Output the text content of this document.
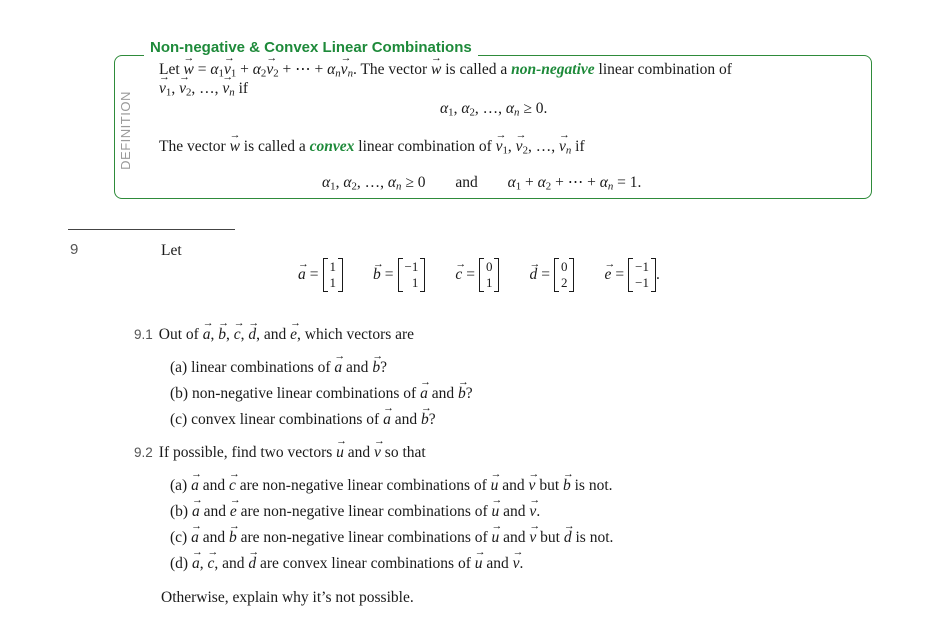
Non-negative & Convex Linear Combinations
DEFINITION
Let → $w = \alpha_1\to v_1 + \alpha_2\to v_2$ + ⋯ + $\alpha_n\to v_n$. The vector → w is called a non-negative linear combination of
→ $v_1$, → $v_2$, …, → $v_n$ if
$\alpha_1$, $\alpha_2$, …, $\alpha_n \ge 0$.
The vector → w is called a convex linear combination of → $v_1$, → $v_2$, …, → $v_n$ if
$\alpha_1$, $\alpha_2$, …, $\alpha_n \ge 0$ and $\alpha_1 + \alpha_2$ + ⋯ + $\alpha_n = 1$.
9	Let
→ a = 1
1 → b = −1
1 → c = 0
1 → d = 0
2 → e = −1
−1 .
9.1 Out of → a, → b, → c, → d, and → e, which vectors are
(a) linear combinations of → a and → b?
(b) non-negative linear combinations of → a and → b?
(c) convex linear combinations of → a and → b?
9.2 If possible, find two vectors → u and → v so that
(a) → a and → c are non-negative linear combinations of → u and → v but → b is not.
(b) → a and → e are non-negative linear combinations of → u and → v.
(c) → a and → b are non-negative linear combinations of → u and → v but → d is not.
(d) → a, → c, and → d are convex linear combinations of → u and → v.
Otherwise, explain why it’s not possible.
